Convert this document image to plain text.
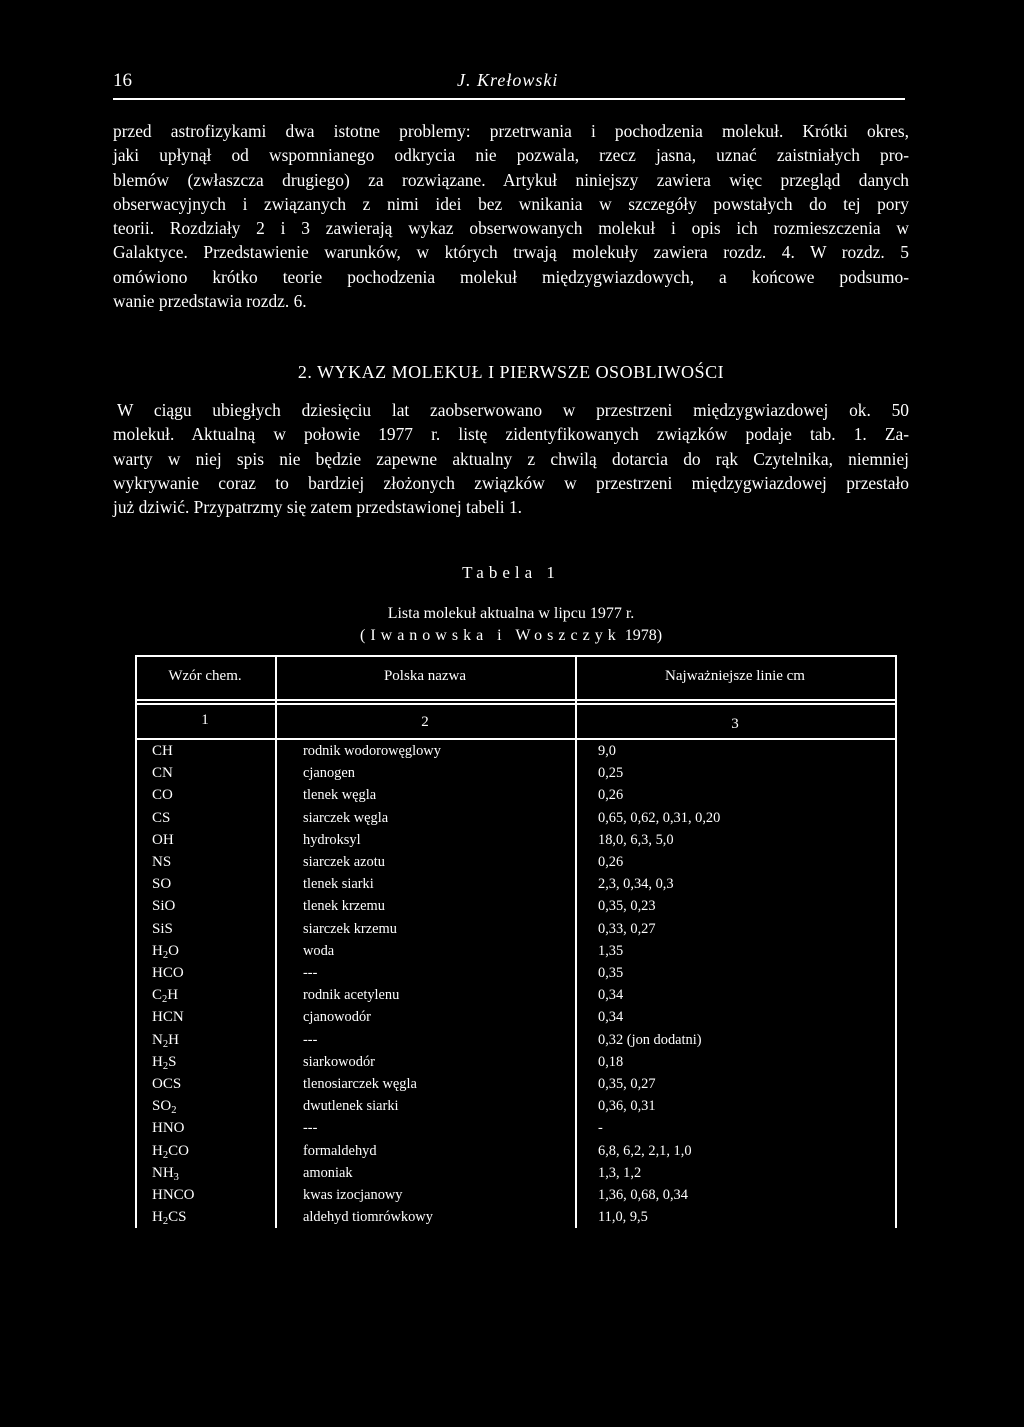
16	J. Krełowski
przed astrofizykami dwa istotne problemy: przetrwania i pochodzenia molekuł. Krótki okres,
jaki upłynął od wspomnianego odkrycia nie pozwala, rzecz jasna, uznać zaistniałych pro-
blemów (zwłaszcza drugiego) za rozwiązane. Artykuł niniejszy zawiera więc przegląd danych
obserwacyjnych i związanych z nimi idei bez wnikania w szczegóły powstałych do tej pory
teorii. Rozdziały 2 i 3 zawierają wykaz obserwowanych molekuł i opis ich rozmieszczenia w
Galaktyce. Przedstawienie warunków, w których trwają molekuły zawiera rozdz. 4. W rozdz. 5
omówiono krótko teorie pochodzenia molekuł międzygwiazdowych, a końcowe podsumo-
wanie przedstawia rozdz. 6.
2. WYKAZ MOLEKUŁ I PIERWSZE OSOBLIWOŚCI
W ciągu ubiegłych dziesięciu lat zaobserwowano w przestrzeni międzygwiazdowej ok. 50
molekuł. Aktualną w połowie 1977 r. listę zidentyfikowanych związków podaje tab. 1. Za-
warty w niej spis nie będzie zapewne aktualny z chwilą dotarcia do rąk Czytelnika, niemniej
wykrywanie coraz to bardziej złożonych związków w przestrzeni międzygwiazdowej przestało
już dziwić. Przypatrzmy się zatem przedstawionej tabeli 1.
Tabela 1
Lista molekuł aktualna w lipcu 1977 r.
(Iwanowska i Woszczyk 1978)
Wzór chem.	Polska nazwa	Najważniejsze linie cm
1	2	3
CH	rodnik wodorowęglowy	9,0
CN	cjanogen	0,25
CO	tlenek węgla	0,26
CS	siarczek węgla	0,65, 0,62, 0,31, 0,20
OH	hydroksyl	18,0, 6,3, 5,0
NS	siarczek azotu	0,26
SO	tlenek siarki	2,3, 0,34, 0,3
SiO	tlenek krzemu	0,35, 0,23
SiS	siarczek krzemu	0,33, 0,27
$H_2O$	woda	1,35
HCO	---	0,35
$C_2H$	rodnik acetylenu	0,34
HCN	cjanowodór	0,34
$N_2H$	---	0,32 (jon dodatni)
$H_2S$	siarkowodór	0,18
OCS	tlenosiarczek węgla	0,35, 0,27
$SO_2$	dwutlenek siarki	0,36, 0,31
HNO	---	-
$H_2CO$	formaldehyd	6,8, 6,2, 2,1, 1,0
$NH_3$	amoniak	1,3, 1,2
HNCO	kwas izocjanowy	1,36, 0,68, 0,34
$H_2CS$	aldehyd tiomrówkowy	11,0, 9,5
